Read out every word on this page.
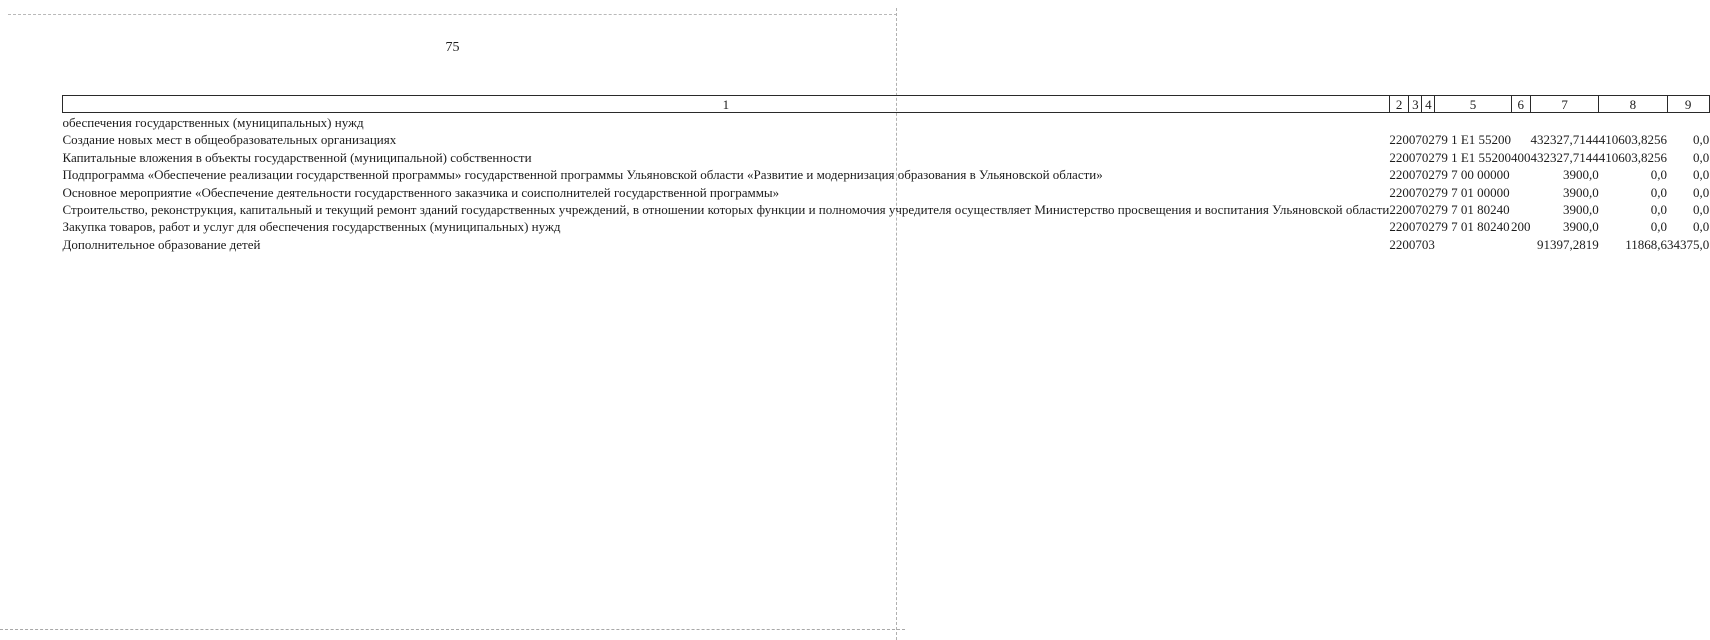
75
1	2	3	4	5	6	7	8	9
обеспечения государственных (муниципальных) нужд								
Создание новых мест в общеобразовательных организациях	220	07	02	79 1 E1 55200		432327,7144	410603,8256	0,0
Капитальные вложения в объекты государственной (муниципальной) собственности	220	07	02	79 1 E1 55200	400	432327,7144	410603,8256	0,0
Подпрограмма «Обеспечение реализации государственной программы» государственной программы Ульяновской области «Развитие и модернизация образования в Ульяновской области»	220	07	02	79 7 00 00000		3900,0	0,0	0,0
Основное мероприятие «Обеспечение деятельности государственного заказчика и соисполнителей государственной программы»	220	07	02	79 7 01 00000		3900,0	0,0	0,0
Строительство, реконструкция, капитальный и текущий ремонт зданий государственных учреждений, в отношении которых функции и полномочия учредителя осуществляет Министерство просвещения и воспитания Ульяновской области	220	07	02	79 7 01 80240		3900,0	0,0	0,0
Закупка товаров, работ и услуг для обеспечения государственных (муниципальных) нужд	220	07	02	79 7 01 80240	200	3900,0	0,0	0,0
Дополнительное образование детей	220	07	03			91397,2819	11868,6	34375,0
